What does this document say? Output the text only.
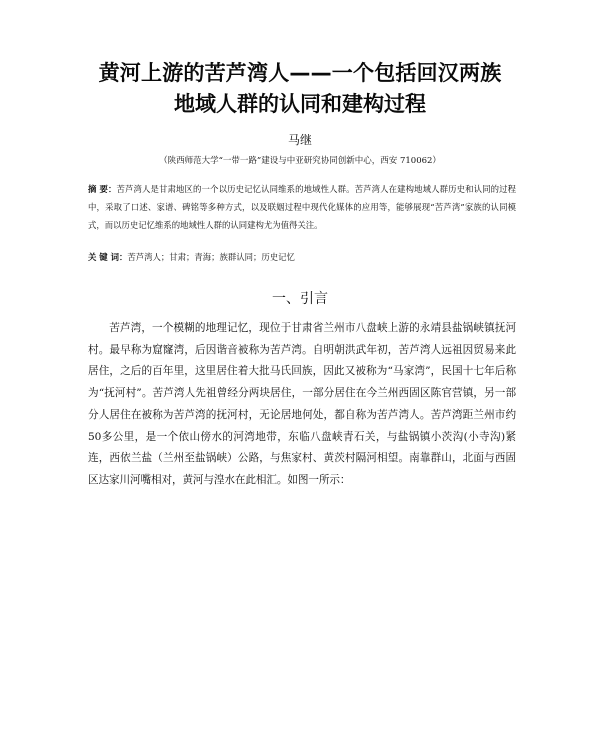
黄河上游的苦芦湾人——一个包括回汉两族
地域人群的认同和建构过程
马继
（陕西师范大学“一带一路”建设与中亚研究协同创新中心，西安 710062）

摘 要：苦芦湾人是甘肃地区的一个以历史记忆认同维系的地域性人群。苦芦湾人在建构地域人群历史和认同的过程中，采取了口述、家谱、碑铭等多种方式，以及联姻过程中现代化媒体的应用等，能够展现“苦芦湾”家族的认同模式，而以历史记忆维系的地域性人群的认同建构尤为值得关注。

关 键 词：苦芦湾人；甘肃；青海；族群认同；历史记忆

一、引言

苦芦湾，一个模糊的地理记忆，现位于甘肃省兰州市八盘峡上游的永靖县盐锅峡镇抚河村。最早称为窟窿湾，后因谐音被称为苦芦湾。自明朝洪武年初，苦芦湾人远祖因贸易来此居住，之后的百年里，这里居住着大批马氏回族，因此又被称为“马家湾”，民国十七年后称为“抚河村”。苦芦湾人先祖曾经分两块居住，一部分居住在今兰州西固区陈官营镇，另一部分人居住在被称为苦芦湾的抚河村，无论居地何处，都自称为苦芦湾人。苦芦湾距兰州市约50多公里，是一个依山傍水的河湾地带，东临八盘峡青石关，与盐锅镇小茨沟(小寺沟)紧连，西依兰盐（兰州至盐锅峡）公路，与焦家村、黄茨村隔河相望。南靠群山，北面与西固区达家川河嘴相对，黄河与湟水在此相汇。如图一所示：
